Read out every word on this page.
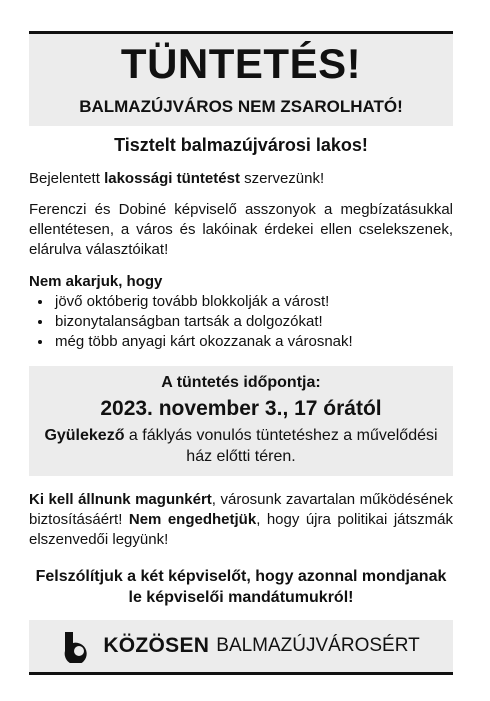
TÜNTETÉS!
BALMAZÚJVÁROS NEM ZSAROLHATÓ!
Tisztelt balmazújvárosi lakos!

Bejelentett lakossági tüntetést szervezünk!

Ferenczi és Dobiné képviselő asszonyok a megbízatásukkal ellentétesen, a város és lakóinak érdekei ellen cselekszenek, elárulva választóikat!

Nem akarjuk, hogy
• jövő októberig tovább blokkolják a várost!
• bizonytalanságban tartsák a dolgozókat!
• még több anyagi kárt okozzanak a városnak!
A tüntetés időpontja:
2023. november 3., 17 órától
Gyülekező a fáklyás vonulós tüntetéshez a művelődési ház előtti téren.

Ki kell állnunk magunkért, városunk zavartalan működésének biztosításáért! Nem engedhetjük, hogy újra politikai játszmák elszenvedői legyünk!

Felszólítjuk a két képviselőt, hogy azonnal mondjanak le képviselői mandátumukról!
KÖZÖSEN BALMAZÚJVÁROSÉRT
